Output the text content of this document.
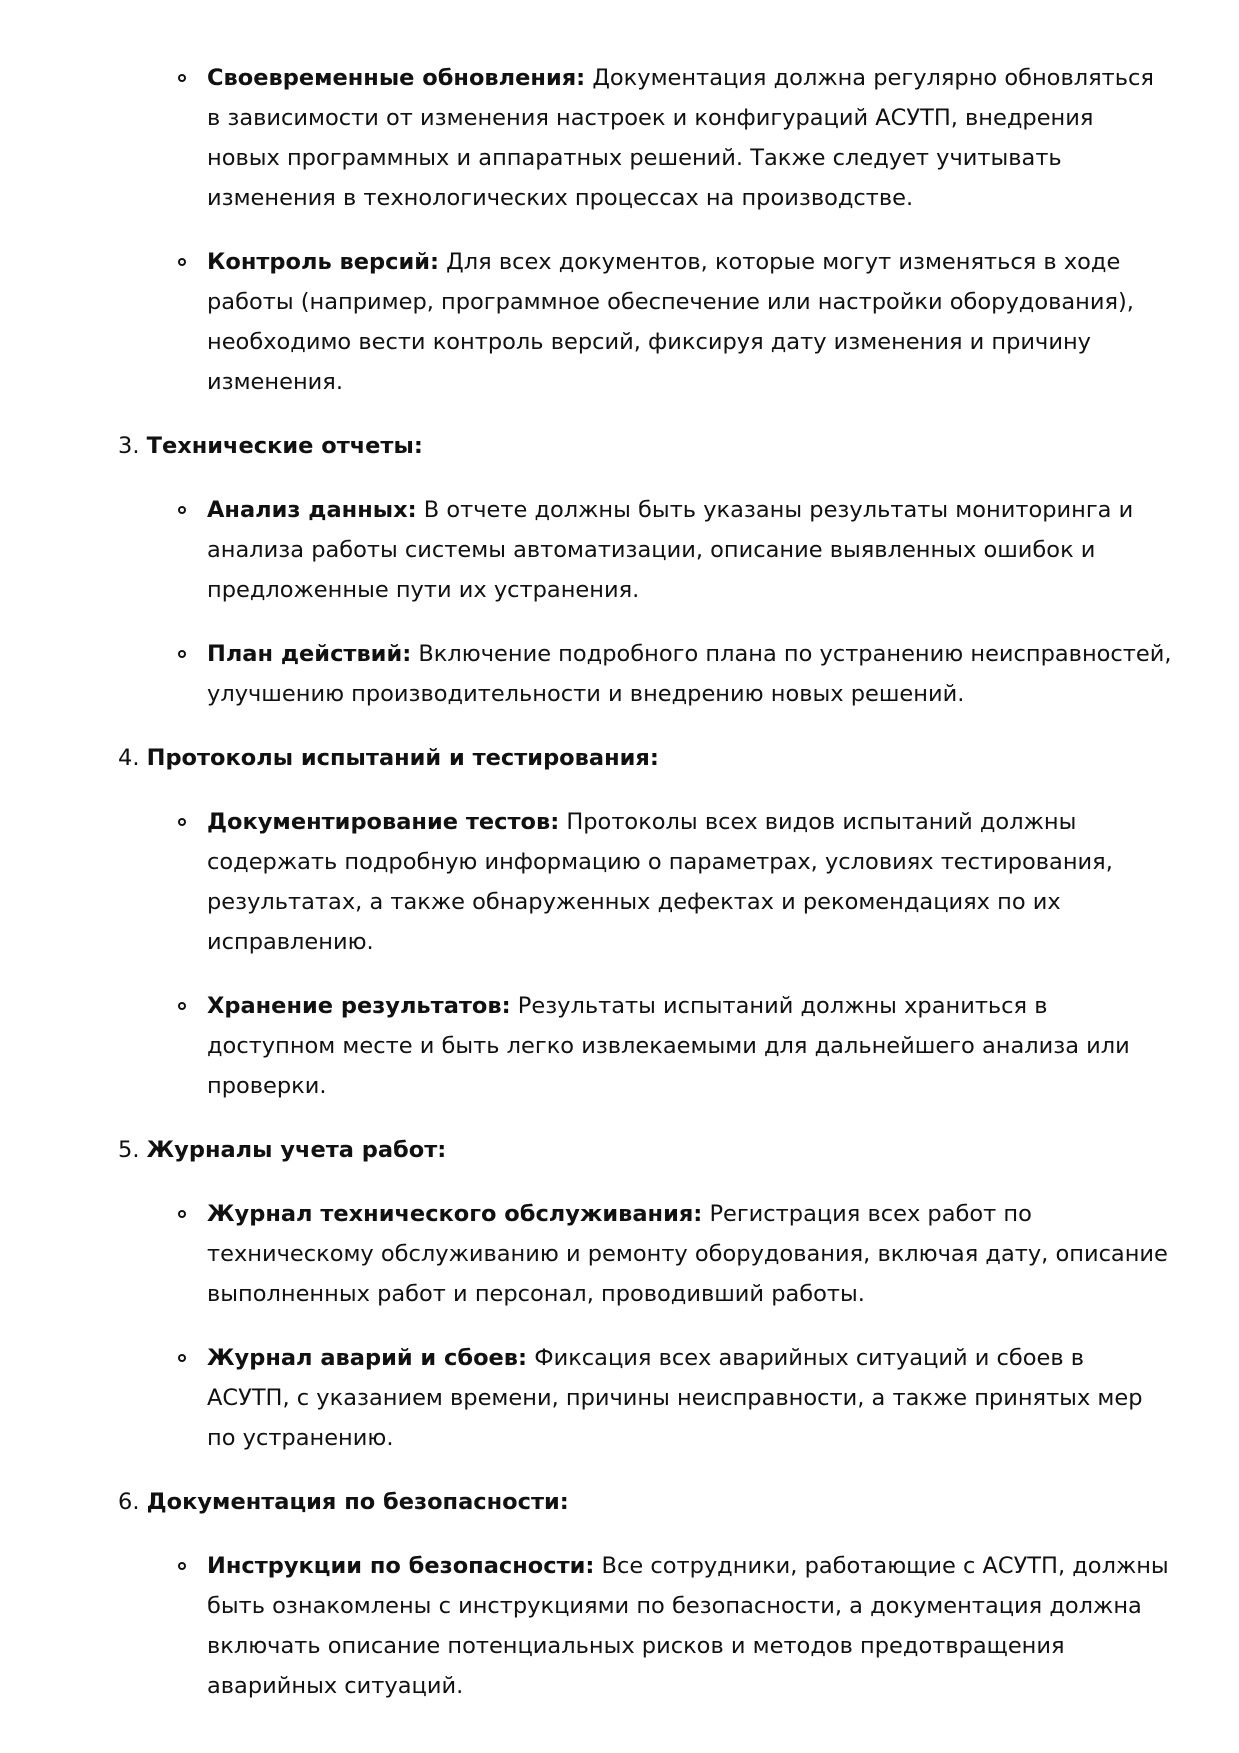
Своевременные обновления: Документация должна регулярно обновляться в зависимости от изменения настроек и конфигураций АСУТП, внедрения новых программных и аппаратных решений. Также следует учитывать изменения в технологических процессах на производстве.
Контроль версий: Для всех документов, которые могут изменяться в ходе работы (например, программное обеспечение или настройки оборудования), необходимо вести контроль версий, фиксируя дату изменения и причину изменения.
3. Технические отчеты:
Анализ данных: В отчете должны быть указаны результаты мониторинга и анализа работы системы автоматизации, описание выявленных ошибок и предложенные пути их устранения.
План действий: Включение подробного плана по устранению неисправностей, улучшению производительности и внедрению новых решений.
4. Протоколы испытаний и тестирования:
Документирование тестов: Протоколы всех видов испытаний должны содержать подробную информацию о параметрах, условиях тестирования, результатах, а также обнаруженных дефектах и рекомендациях по их исправлению.
Хранение результатов: Результаты испытаний должны храниться в доступном месте и быть легко извлекаемыми для дальнейшего анализа или проверки.
5. Журналы учета работ:
Журнал технического обслуживания: Регистрация всех работ по техническому обслуживанию и ремонту оборудования, включая дату, описание выполненных работ и персонал, проводивший работы.
Журнал аварий и сбоев: Фиксация всех аварийных ситуаций и сбоев в АСУТП, с указанием времени, причины неисправности, а также принятых мер по устранению.
6. Документация по безопасности:
Инструкции по безопасности: Все сотрудники, работающие с АСУТП, должны быть ознакомлены с инструкциями по безопасности, а документация должна включать описание потенциальных рисков и методов предотвращения аварийных ситуаций.
